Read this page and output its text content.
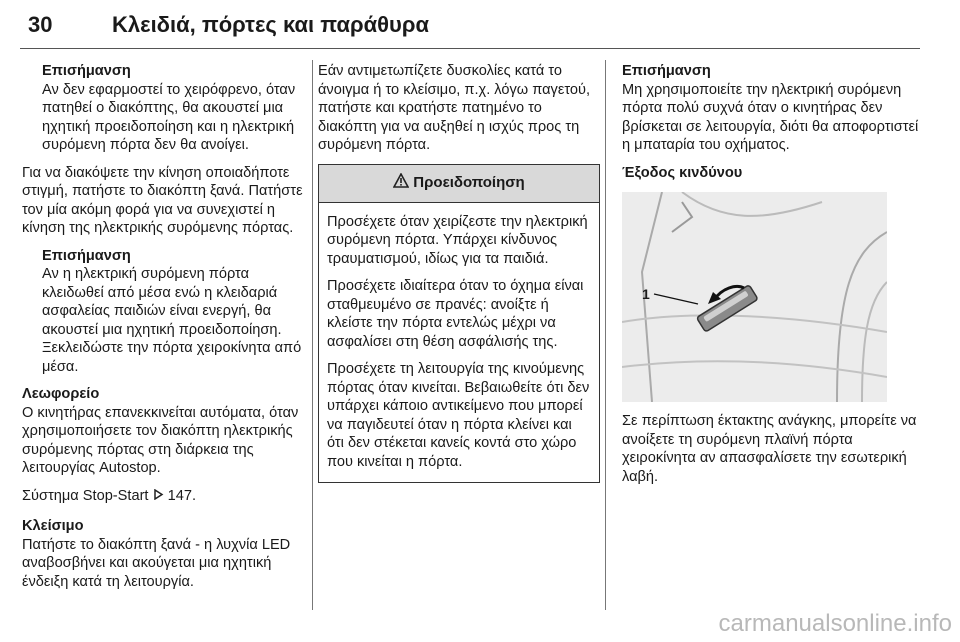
30	Κλειδιά, πόρτες και παράθυρα
Επισήμανση

Αν δεν εφαρμοστεί το χειρόφρενο, όταν πατηθεί ο διακόπτης, θα ακουστεί μια ηχητική προειδοποίηση και η ηλεκτρική συρόμενη πόρτα δεν θα ανοίγει.

Για να διακόψετε την κίνηση οποιαδήποτε στιγμή, πατήστε το διακόπτη ξανά. Πατήστε τον μία ακόμη φορά για να συνεχιστεί η κίνηση της ηλεκτρικής συρόμενης πόρτας.

Επισήμανση

Αν η ηλεκτρική συρόμενη πόρτα κλειδωθεί από μέσα ενώ η κλειδαριά ασφαλείας παιδιών είναι ενεργή, θα ακουστεί μια ηχητική προειδοποίηση. Ξεκλειδώστε την πόρτα χειροκίνητα από μέσα.

Λεωφορείο

Ο κινητήρας επανεκκινείται αυτόματα, όταν χρησιμοποιήσετε τον διακόπτη ηλεκτρικής συρόμενης πόρτας στη διάρκεια της λειτουργίας Autostop.

Σύστημα Stop-Start 147.

Κλείσιμο

Πατήστε το διακόπτη ξανά - η λυχνία LED αναβοσβήνει και ακούγεται μια ηχητική ένδειξη κατά τη λειτουργία.

Εάν αντιμετωπίζετε δυσκολίες κατά το άνοιγμα ή το κλείσιμο, π.χ. λόγω παγετού, πατήστε και κρατήστε πατημένο το διακόπτη για να αυξηθεί η ισχύς προς τη συρόμενη πόρτα.

Προειδοποίηση

Προσέχετε όταν χειρίζεστε την ηλεκτρική συρόμενη πόρτα. Υπάρχει κίνδυνος τραυματισμού, ιδίως για τα παιδιά.

Προσέχετε ιδιαίτερα όταν το όχημα είναι σταθμευμένο σε πρανές: ανοίξτε ή κλείστε την πόρτα εντελώς μέχρι να ασφαλίσει στη θέση ασφάλισής της.

Προσέχετε τη λειτουργία της κινούμενης πόρτας όταν κινείται. Βεβαιωθείτε ότι δεν υπάρχει κάποιο αντικείμενο που μπορεί να παγιδευτεί όταν η πόρτα κλείνει και ότι δεν στέκεται κανείς κοντά στο χώρο που κινείται η πόρτα.

Επισήμανση

Μη χρησιμοποιείτε την ηλεκτρική συρόμενη πόρτα πολύ συχνά όταν ο κινητήρας δεν βρίσκεται σε λειτουργία, διότι θα αποφορτιστεί η μπαταρία του οχήματος.

Έξοδος κινδύνου
1

Σε περίπτωση έκτακτης ανάγκης, μπορείτε να ανοίξετε τη συρόμενη πλαϊνή πόρτα χειροκίνητα αν απασφαλίσετε την εσωτερική λαβή.

carmanualsonline.info
